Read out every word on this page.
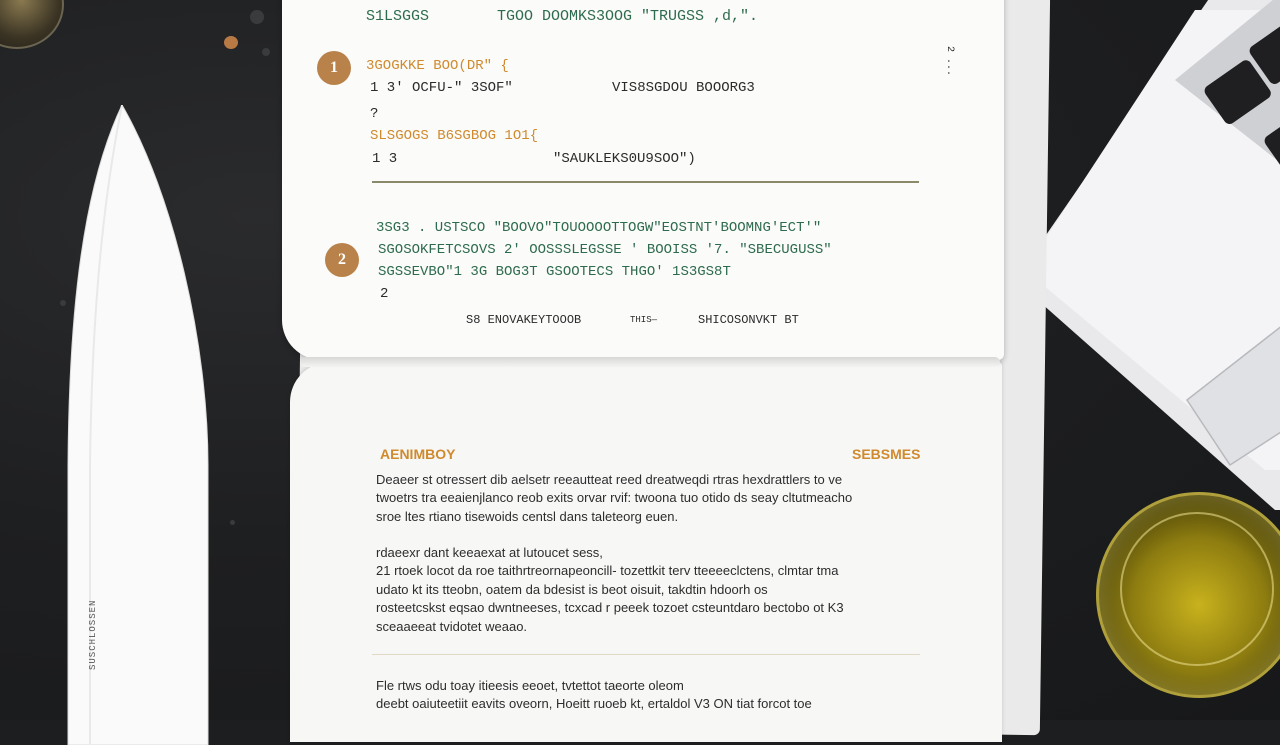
SUSCHLOSSEN
S1LSGGS	TGOO DOOMKS3OOG "TRUGSS ,d,".
1	3GOGKKE BOO(DR" {
1 3' OCFU-" 3SOF"	VIS8SGDOU BOOORG3
?
SLSGOGS B6SGBOG 1O1{
1 3	"SAUKLEKS0U9SOO")
2 ...
2
3SG3 . USTSCO "BOOVO"TOUOOOOTTOGW"EOSTNT'BOOMNG'ECT'"
SGOSOKFETCSOVS 2' OOSSSLEGSSE ' BOOISS '7. "SBECUGUSS"
SGSSEVBO"1 3G BOG3T GSOOTECS THGO' 1S3GS8T
2
S8 ENOVAKEYTOOOB	THIS—	SHICOSONVKT BT
AENIMBOY	SEBSMES
Deaeer st otressert dib aelsetr reeautteat reed dreatweqdi rtras hexdrattlers to ve
twoetrs tra eeaienjlanco reob exits orvar rvif: twoona tuo otido ds seay cltutmeacho
sroe ltes rtiano tisewoids centsl dans taleteorg euen.
rdaeexr dant keeaexat at lutoucet sess,
21 rtoek locot da roe taithrtreornapeoncill- tozettkit terv tteeeeclctens, clmtar tma
udato kt its tteobn, oatem da bdesist is beot oisuit, takdtin hdoorh os
rosteetcskst eqsao dwntneeses, tcxcad r peeek tozoet csteuntdaro bectobo ot K3
sceaaeeat tvidotet weaao.
Fle rtws odu toay itieesis eeoet, tvtettot taeorte oleom
deebt oaiuteetiit eavits oveorn, Hoeitt ruoeb kt, ertaldol V3 ON tiat forcot toe
